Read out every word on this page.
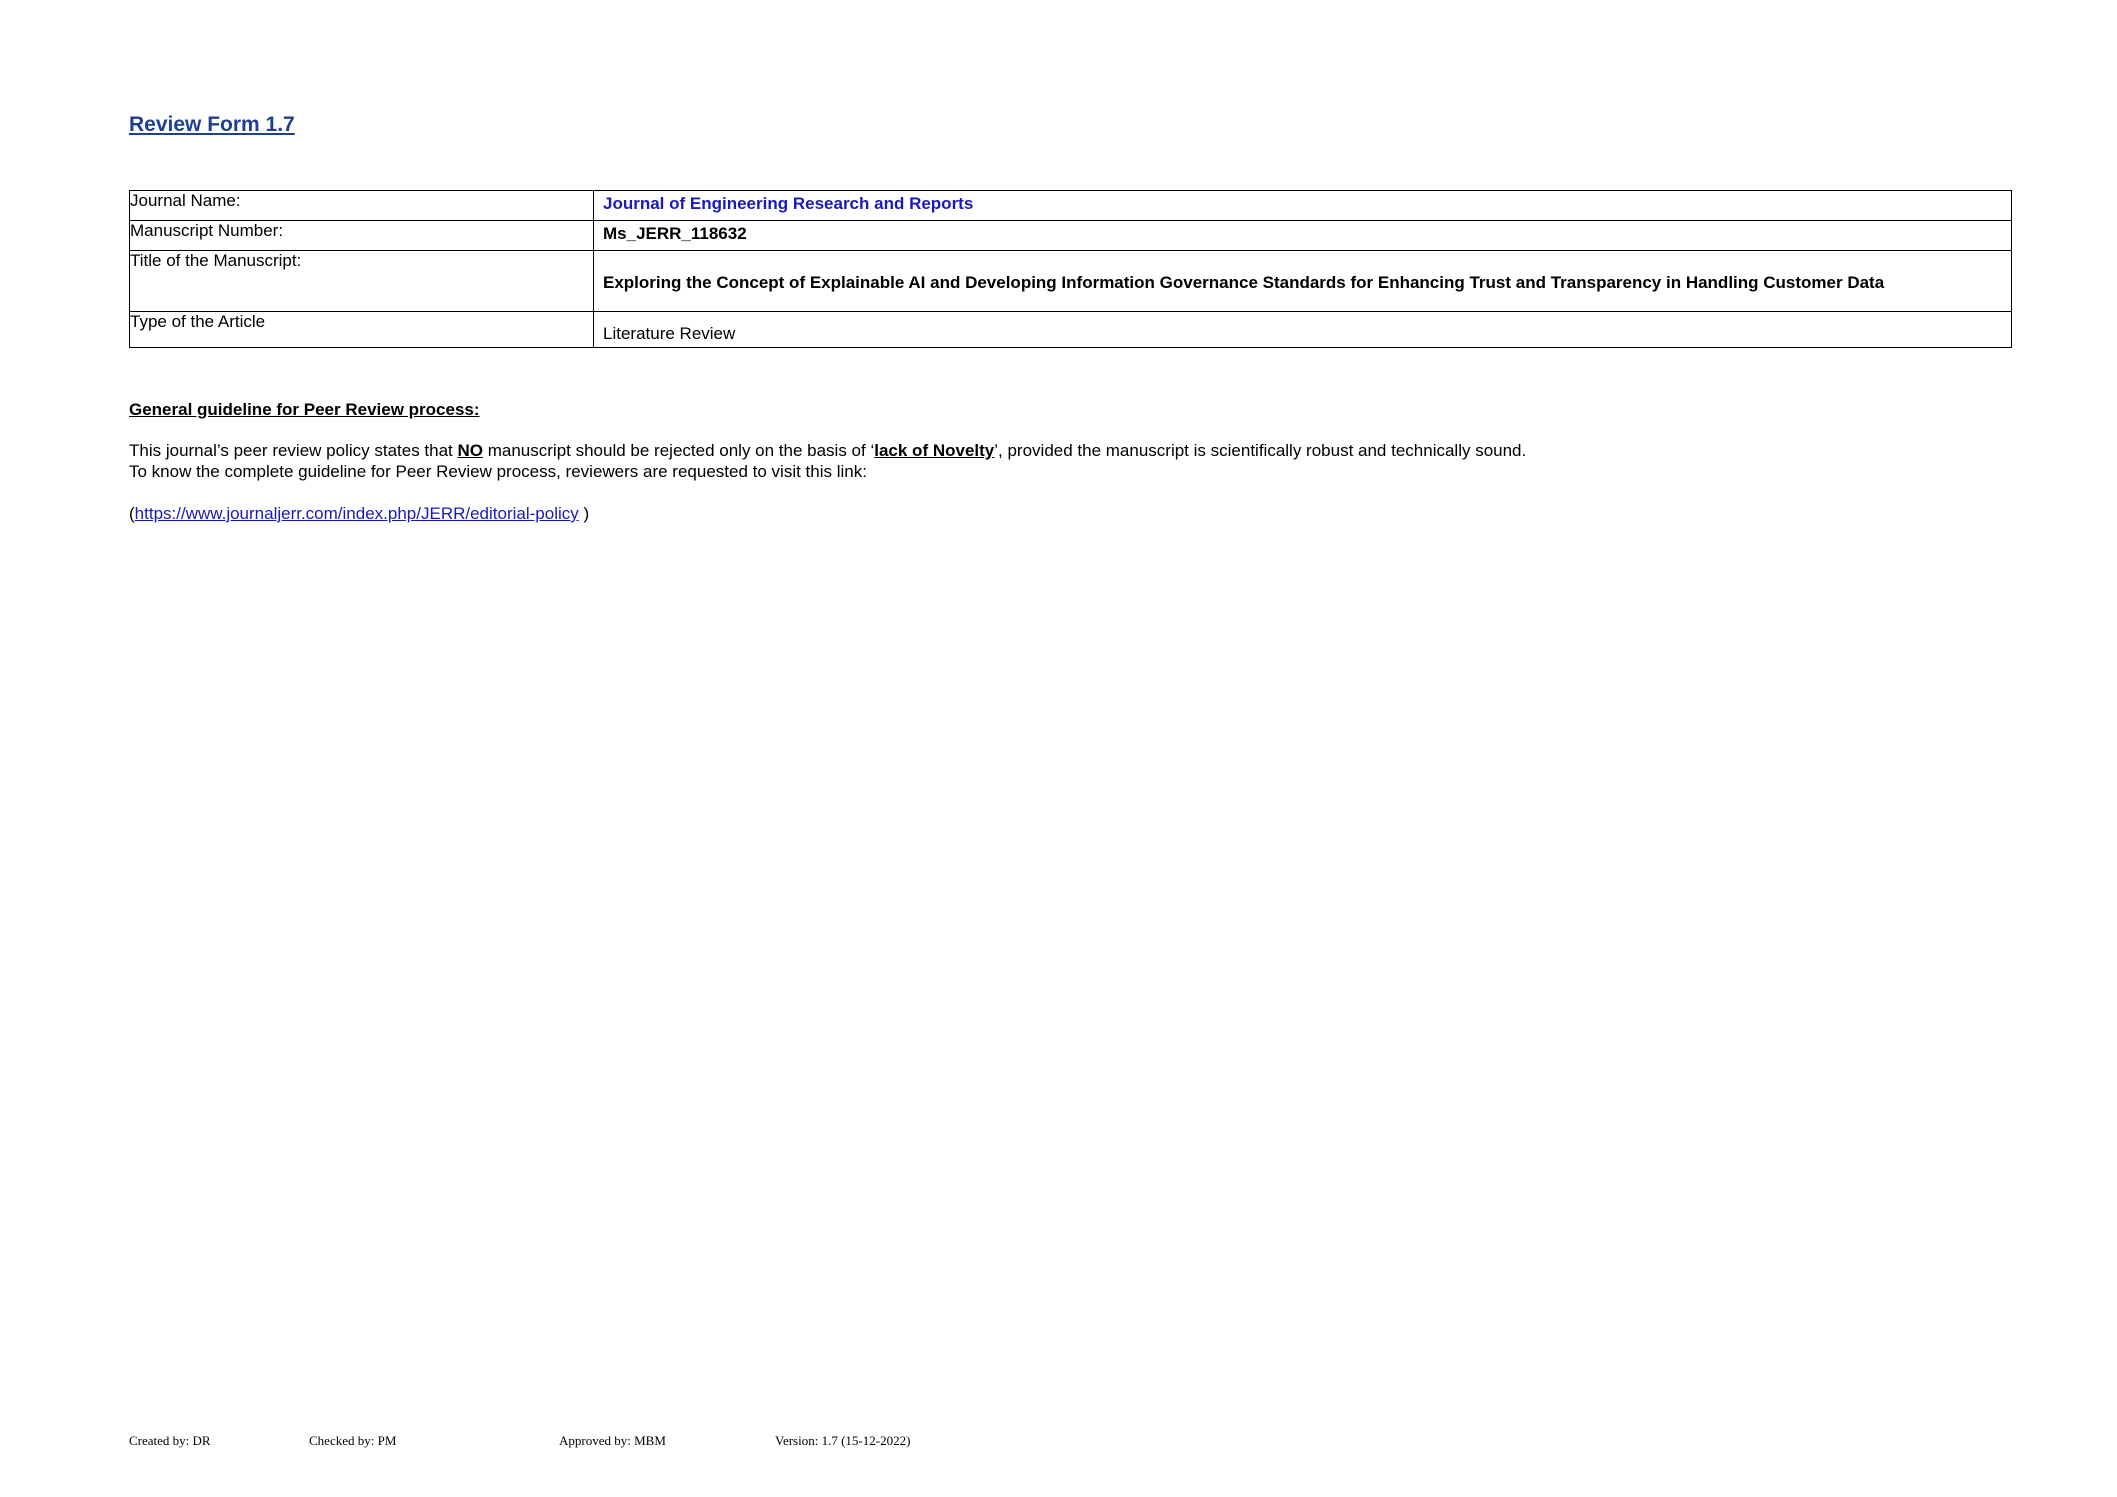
Review Form 1.7
Journal Name:	Journal of Engineering Research and Reports
Manuscript Number:	Ms_JERR_118632
Title of the Manuscript:	Exploring the Concept of Explainable AI and Developing Information Governance Standards for Enhancing Trust and Transparency in Handling Customer Data
Type of the Article	Literature Review
General guideline for Peer Review process:
This journal’s peer review policy states that NO manuscript should be rejected only on the basis of ‘lack of Novelty’, provided the manuscript is scientifically robust and technically sound.
To know the complete guideline for Peer Review process, reviewers are requested to visit this link:
(https://www.journaljerr.com/index.php/JERR/editorial-policy )
Created by: DR	Checked by: PM	Approved by: MBM	Version: 1.7 (15-12-2022)
